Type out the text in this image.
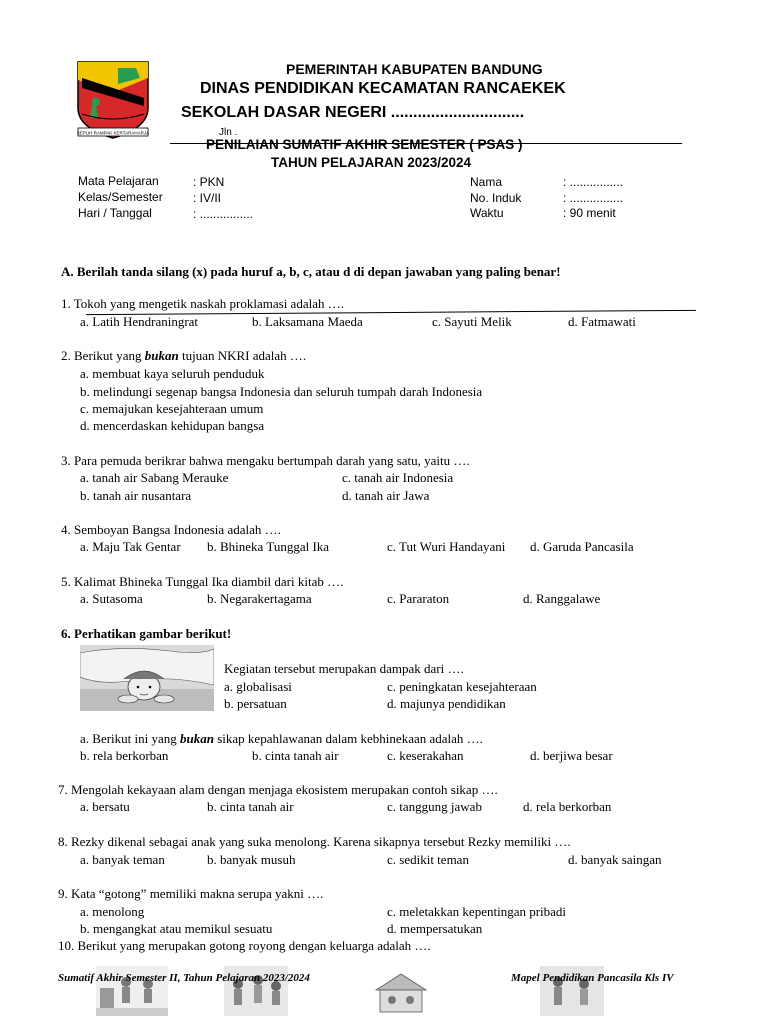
SEPUH RAMPAK KERTARAHARJA
PEMERINTAH KABUPATEN BANDUNG
DINAS PENDIDIKAN KECAMATAN RANCAEKEK
SEKOLAH DASAR NEGERI ..............................
Jln .
PENILAIAN SUMATIF AKHIR SEMESTER ( PSAS )
TAHUN PELAJARAN 2023/2024
Mata Pelajaran	: PKN
Kelas/Semester	: IV/II
Hari / Tanggal	: ................
Nama	: ................
No. Induk	: ................
Waktu	: 90 menit
A. Berilah tanda silang (x) pada huruf a, b, c, atau d di depan jawaban yang paling benar!
1. Tokoh yang mengetik naskah proklamasi adalah ….
a. Latih Hendraningrat	b. Laksamana Maeda	c. Sayuti Melik	d. Fatmawati
2. Berikut yang bukan tujuan NKRI adalah ….
a. membuat kaya seluruh penduduk
b. melindungi segenap bangsa Indonesia dan seluruh tumpah darah Indonesia
c. memajukan kesejahteraan umum
d. mencerdaskan kehidupan bangsa
3. Para pemuda berikrar bahwa mengaku bertumpah darah yang satu, yaitu ….
a. tanah air Sabang Merauke
b. tanah air nusantara
c. tanah air Indonesia
d. tanah air Jawa
4. Semboyan Bangsa Indonesia adalah ….
a. Maju Tak Gentar b. Bhineka Tunggal Ika	c. Tut Wuri Handayani d. Garuda Pancasila
5. Kalimat Bhineka Tunggal Ika diambil dari kitab ….
a. Sutasoma	b. Negarakertagama	c. Pararaton	d. Ranggalawe
6. Perhatikan gambar berikut!
Kegiatan tersebut merupakan dampak dari ….
a. globalisasi
b. persatuan
c. peningkatan kesejahteraan
d. majunya pendidikan
a. Berikut ini yang bukan sikap kepahlawanan dalam kebhinekaan adalah ….
b. rela berkorban	b. cinta tanah air	c. keserakahan	d. berjiwa besar
7. Mengolah kekayaan alam dengan menjaga ekosistem merupakan contoh sikap ….
a. bersatu	b. cinta tanah air	c. tanggung jawab	d. rela berkorban
8. Rezky dikenal sebagai anak yang suka menolong. Karena sikapnya tersebut Rezky memiliki ….
a. banyak teman	b. banyak musuh	c. sedikit teman	d. banyak saingan
9. Kata “gotong” memiliki makna serupa yakni ….
a. menolong
b. mengangkat atau memikul sesuatu
c. meletakkan kepentingan pribadi
d. mempersatukan
10. Berikut yang merupakan gotong royong dengan keluarga adalah ….
Sumatif Akhir Semester II, Tahun Pelajaran 2023/2024	Mapel Pendidikan Pancasila Kls IV
